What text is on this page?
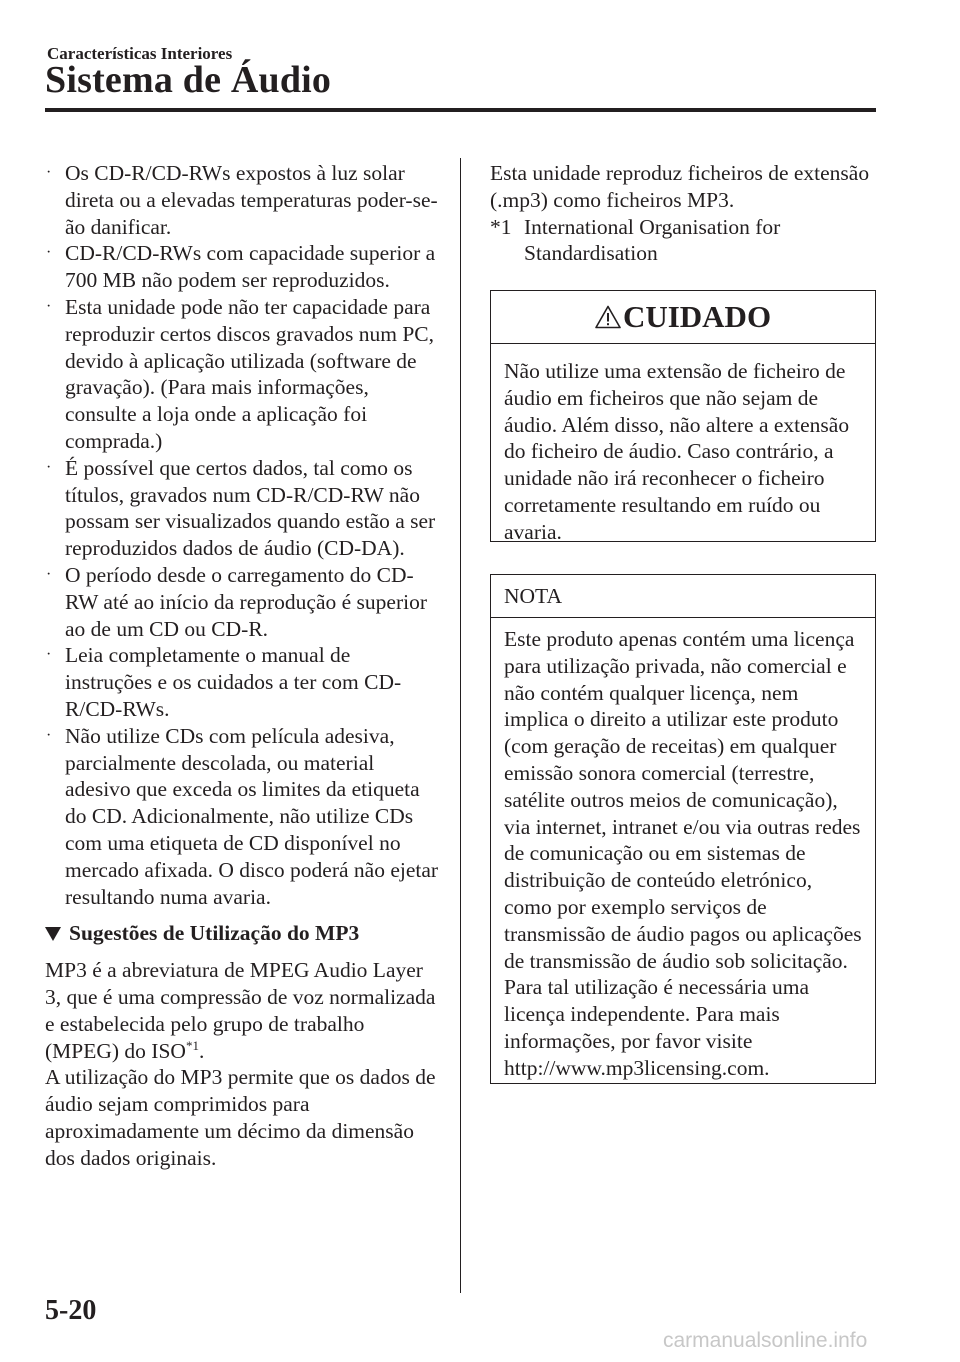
Características Interiores
Sistema de Áudio
· Os CD-R/CD-RWs expostos à luz solar direta ou a elevadas temperaturas poder-se-ão danificar.
· CD-R/CD-RWs com capacidade superior a 700 MB não podem ser reproduzidos.
· Esta unidade pode não ter capacidade para reproduzir certos discos gravados num PC, devido à aplicação utilizada (software de gravação). (Para mais informações, consulte a loja onde a aplicação foi comprada.)
· É possível que certos dados, tal como os títulos, gravados num CD-R/CD-RW não possam ser visualizados quando estão a ser reproduzidos dados de áudio (CD-DA).
· O período desde o carregamento do CD-RW até ao início da reprodução é superior ao de um CD ou CD-R.
· Leia completamente o manual de instruções e os cuidados a ter com CD-R/CD-RWs.
· Não utilize CDs com película adesiva, parcialmente descolada, ou material adesivo que exceda os limites da etiqueta do CD. Adicionalmente, não utilize CDs com uma etiqueta de CD disponível no mercado afixada. O disco poderá não ejetar resultando numa avaria.
Sugestões de Utilização do MP3
MP3 é a abreviatura de MPEG Audio Layer 3, que é uma compressão de voz normalizada e estabelecida pelo grupo de trabalho (MPEG) do ISO$^{*1}$.
A utilização do MP3 permite que os dados de áudio sejam comprimidos para aproximadamente um décimo da dimensão dos dados originais.
Esta unidade reproduz ficheiros de extensão (.mp3) como ficheiros MP3.
*1 International Organisation for Standardisation
CUIDADO
Não utilize uma extensão de ficheiro de áudio em ficheiros que não sejam de áudio. Além disso, não altere a extensão do ficheiro de áudio. Caso contrário, a unidade não irá reconhecer o ficheiro corretamente resultando em ruído ou avaria.
NOTA
Este produto apenas contém uma licença para utilização privada, não comercial e não contém qualquer licença, nem implica o direito a utilizar este produto (com geração de receitas) em qualquer emissão sonora comercial (terrestre, satélite outros meios de comunicação), via internet, intranet e/ou via outras redes de comunicação ou em sistemas de distribuição de conteúdo eletrónico, como por exemplo serviços de transmissão de áudio pagos ou aplicações de transmissão de áudio sob solicitação. Para tal utilização é necessária uma licença independente. Para mais informações, por favor visite http://www.mp3licensing.com.
5-20
carmanualsonline.info
